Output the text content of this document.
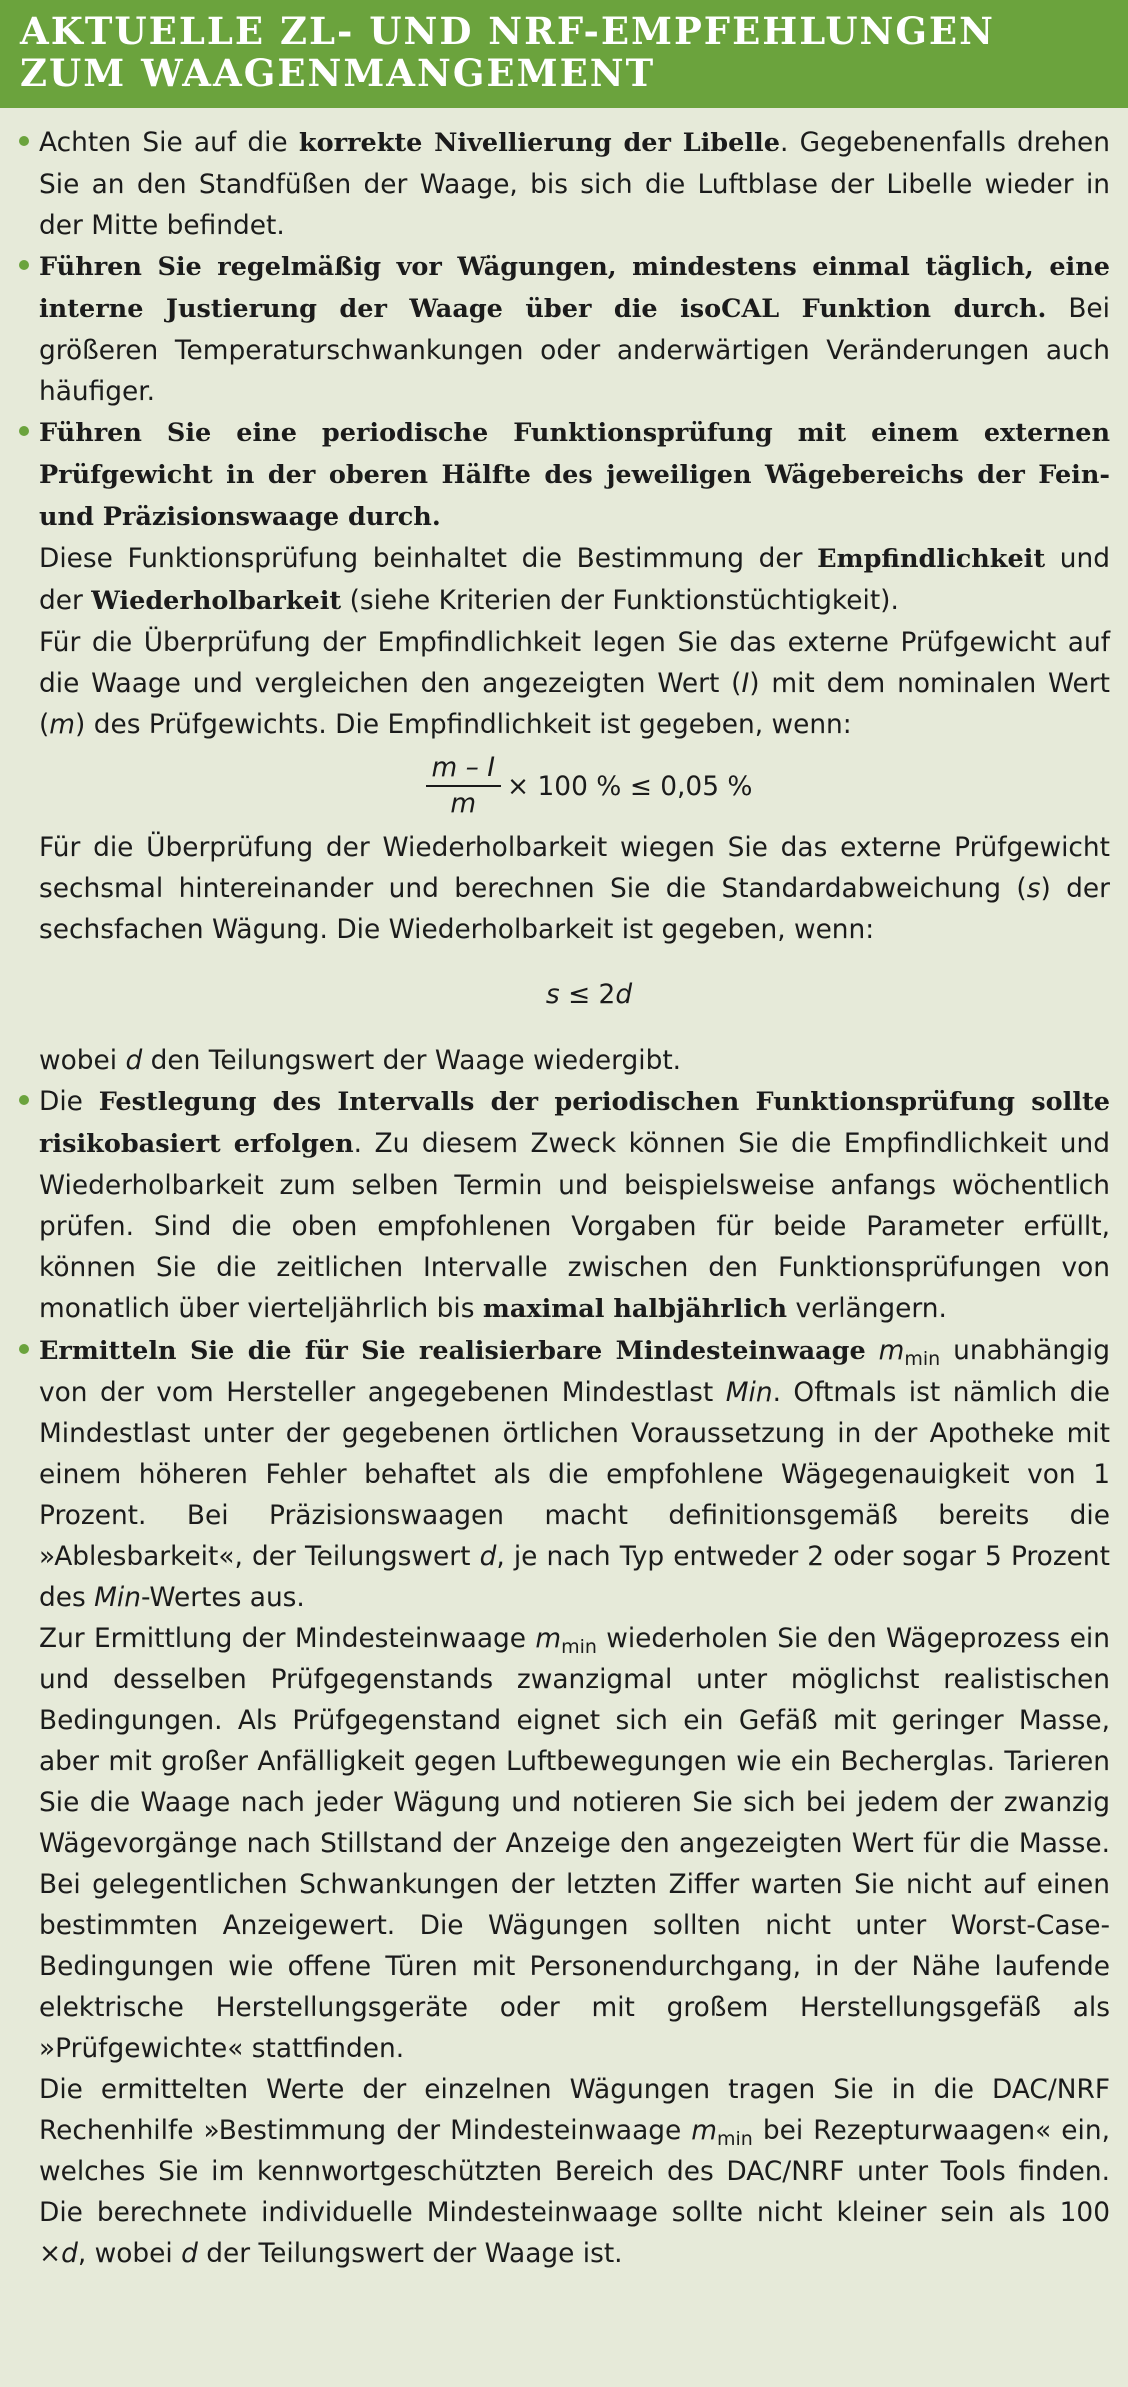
AKTUELLE ZL- UND NRF-EMPFEHLUNGEN
ZUM WAAGENMANGEMENT

Achten Sie auf die korrekte Nivellierung der Libelle. Gegebenenfalls drehen Sie an den Standfüßen der Waage, bis sich die Luftblase der Libelle wieder in der Mitte befindet.

Führen Sie regelmäßig vor Wägungen, mindestens einmal täglich, eine interne Justierung der Waage über die isoCAL Funktion durch. Bei größeren Temperaturschwankungen oder anderwärtigen Veränderungen auch häufiger.

Führen Sie eine periodische Funktionsprüfung mit einem externen Prüfgewicht in der oberen Hälfte des jeweiligen Wägebereichs der Fein- und Präzisionswaage durch.

Diese Funktionsprüfung beinhaltet die Bestimmung der Empfindlichkeit und der Wiederholbarkeit (siehe Kriterien der Funktionstüchtigkeit).

Für die Überprüfung der Empfindlichkeit legen Sie das externe Prüfgewicht auf die Waage und vergleichen den angezeigten Wert (I) mit dem nominalen Wert (m) des Prüfgewichts. Die Empfindlichkeit ist gegeben, wenn:

$\frac{m - I}{m} \times 100$ % ≤ 0,05 %

Für die Überprüfung der Wiederholbarkeit wiegen Sie das externe Prüfgewicht sechsmal hintereinander und berechnen Sie die Standardabweichung (s) der sechsfachen Wägung. Die Wiederholbarkeit ist gegeben, wenn:

s ≤ 2d

wobei d den Teilungswert der Waage wiedergibt.

Die Festlegung des Intervalls der periodischen Funktionsprüfung sollte risikobasiert erfolgen. Zu diesem Zweck können Sie die Empfindlichkeit und Wiederholbarkeit zum selben Termin und beispielsweise anfangs wöchentlich prüfen. Sind die oben empfohlenen Vorgaben für beide Parameter erfüllt, können Sie die zeitlichen Intervalle zwischen den Funktionsprüfungen von monatlich über vierteljährlich bis maximal halbjährlich verlängern.

Ermitteln Sie die für Sie realisierbare Mindesteinwaage $m_{min}$ unabhängig von der vom Hersteller angegebenen Mindestlast Min. Oftmals ist nämlich die Mindestlast unter der gegebenen örtlichen Voraussetzung in der Apotheke mit einem höheren Fehler behaftet als die empfohlene Wägegenauigkeit von 1 Prozent. Bei Präzisionswaagen macht definitionsgemäß bereits die »Ablesbarkeit«, der Teilungswert d, je nach Typ entweder 2 oder sogar 5 Prozent des Min-Wertes aus.

Zur Ermittlung der Mindesteinwaage $m_{min}$ wiederholen Sie den Wägeprozess ein und desselben Prüfgegenstands zwanzigmal unter möglichst realistischen Bedingungen. Als Prüfgegenstand eignet sich ein Gefäß mit geringer Masse, aber mit großer Anfälligkeit gegen Luftbewegungen wie ein Becherglas. Tarieren Sie die Waage nach jeder Wägung und notieren Sie sich bei jedem der zwanzig Wägevorgänge nach Stillstand der Anzeige den angezeigten Wert für die Masse. Bei gelegentlichen Schwankungen der letzten Ziffer warten Sie nicht auf einen bestimmten Anzeigewert. Die Wägungen sollten nicht unter Worst-Case-Bedingungen wie offene Türen mit Personendurchgang, in der Nähe laufende elektrische Herstellungsgeräte oder mit großem Herstellungsgefäß als »Prüfgewichte« stattfinden.

Die ermittelten Werte der einzelnen Wägungen tragen Sie in die DAC/NRF Rechenhilfe »Bestimmung der Mindesteinwaage $m_{min}$ bei Rezepturwaagen« ein, welches Sie im kennwortgeschützten Bereich des DAC/NRF unter Tools finden. Die berechnete individuelle Mindesteinwaage sollte nicht kleiner sein als 100 ×d, wobei d der Teilungswert der Waage ist.
